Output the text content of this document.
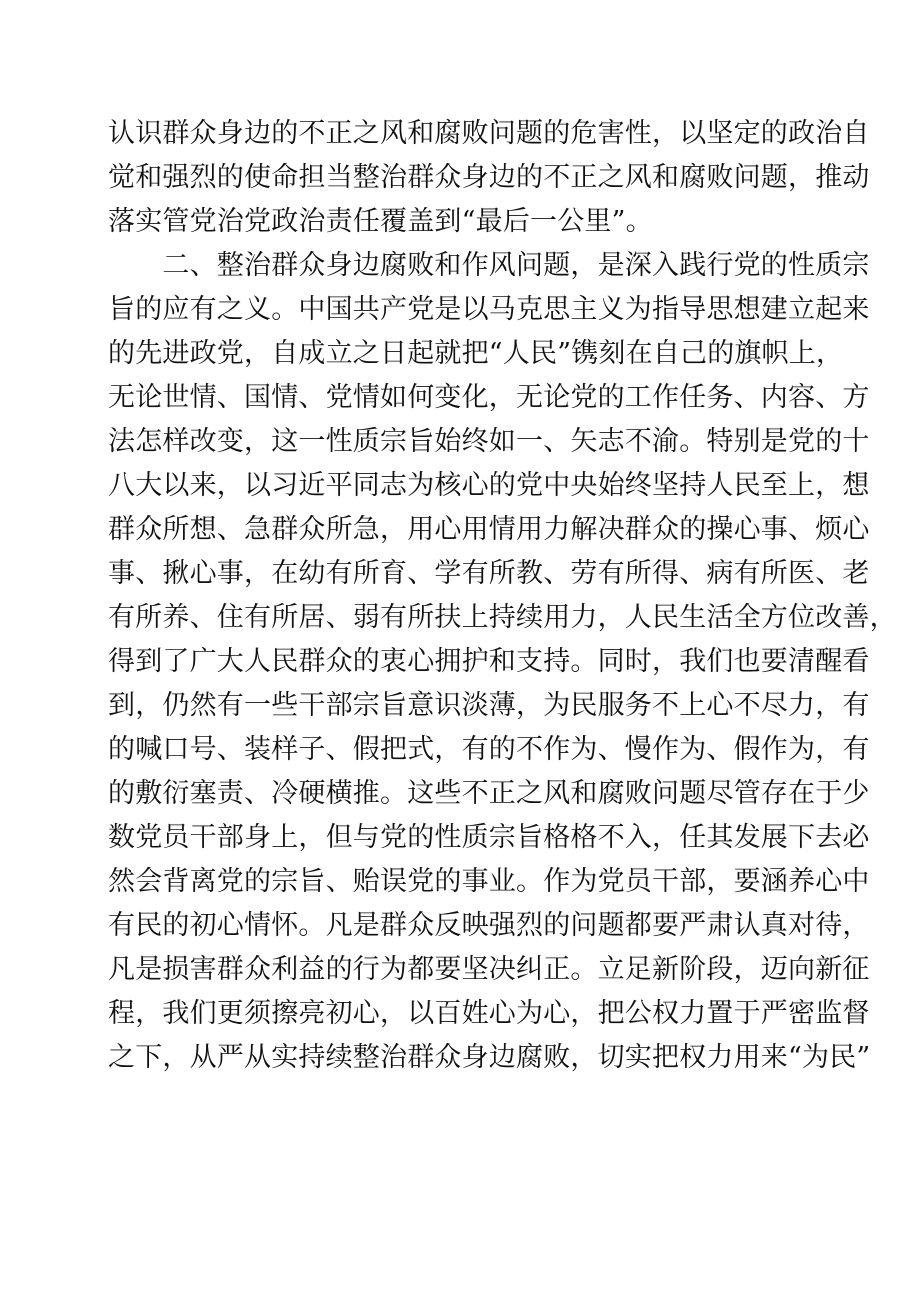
认识群众身边的不正之风和腐败问题的危害性，以坚定的政治自
觉和强烈的使命担当整治群众身边的不正之风和腐败问题，推动
落实管党治党政治责任覆盖到“最后一公里”。
　　二、整治群众身边腐败和作风问题，是深入践行党的性质宗
旨的应有之义。中国共产党是以马克思主义为指导思想建立起来
的先进政党，自成立之日起就把“人民”镌刻在自己的旗帜上，
无论世情、国情、党情如何变化，无论党的工作任务、内容、方
法怎样改变，这一性质宗旨始终如一、矢志不渝。特别是党的十
八大以来，以习近平同志为核心的党中央始终坚持人民至上，想
群众所想、急群众所急，用心用情用力解决群众的操心事、烦心
事、揪心事，在幼有所育、学有所教、劳有所得、病有所医、老
有所养、住有所居、弱有所扶上持续用力，人民生活全方位改善，
得到了广大人民群众的衷心拥护和支持。同时，我们也要清醒看
到，仍然有一些干部宗旨意识淡薄，为民服务不上心不尽力，有
的喊口号、装样子、假把式，有的不作为、慢作为、假作为，有
的敷衍塞责、冷硬横推。这些不正之风和腐败问题尽管存在于少
数党员干部身上，但与党的性质宗旨格格不入，任其发展下去必
然会背离党的宗旨、贻误党的事业。作为党员干部，要涵养心中
有民的初心情怀。凡是群众反映强烈的问题都要严肃认真对待，
凡是损害群众利益的行为都要坚决纠正。立足新阶段，迈向新征
程，我们更须擦亮初心，以百姓心为心，把公权力置于严密监督
之下，从严从实持续整治群众身边腐败，切实把权力用来“为民”
